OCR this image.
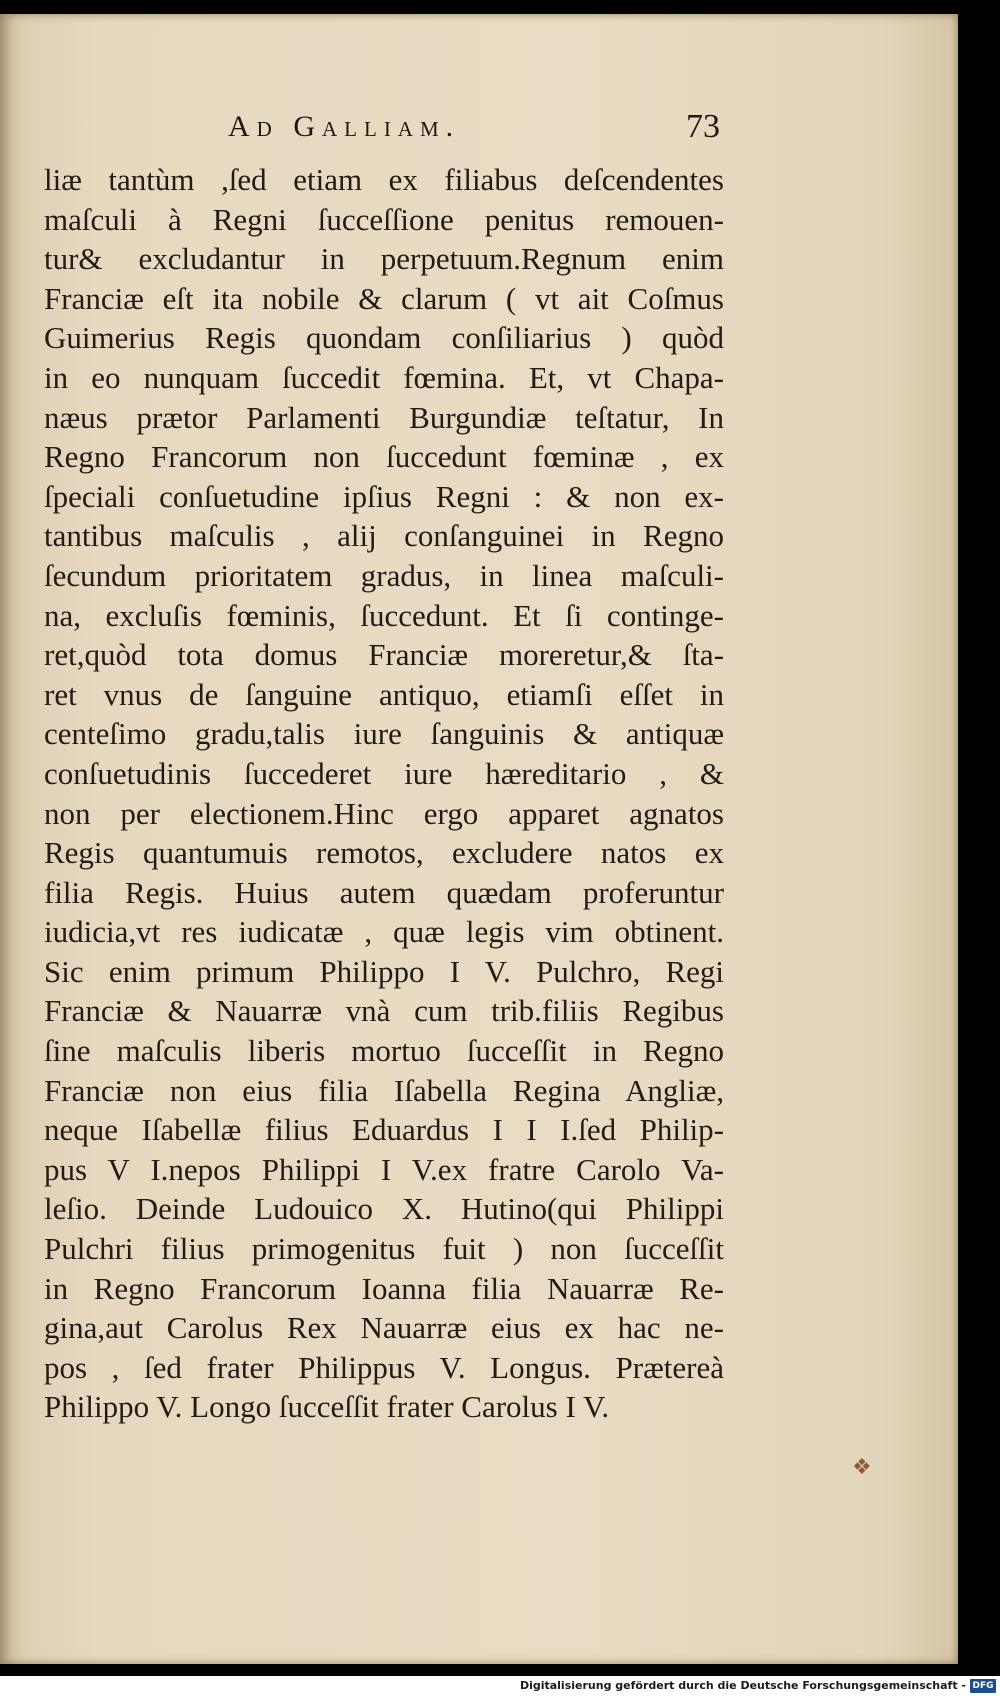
Ad Galliam.	73
liæ tantùm ,ſed etiam ex filiabus deſcendentes
maſculi à Regni ſucceſſione penitus remouen-
tur& excludantur in perpetuum.Regnum enim
Franciæ eſt ita nobile & clarum ( vt ait Coſmus
Guimerius Regis quondam conſiliarius ) quòd
in eo nunquam ſuccedit fœmina. Et, vt Chapa-
næus prætor Parlamenti Burgundiæ teſtatur, In
Regno Francorum non ſuccedunt fœminæ , ex
ſpeciali conſuetudine ipſius Regni : & non ex-
tantibus maſculis , alij conſanguinei in Regno
ſecundum prioritatem gradus, in linea maſculi-
na, excluſis fœminis, ſuccedunt. Et ſi continge-
ret,quòd tota domus Franciæ moreretur,& ſta-
ret vnus de ſanguine antiquo, etiamſi eſſet in
centeſimo gradu,talis iure ſanguinis & antiquæ
conſuetudinis ſuccederet iure hæreditario , &
non per electionem.Hinc ergo apparet agnatos
Regis quantumuis remotos, excludere natos ex
filia Regis. Huius autem quædam proferuntur
iudicia,vt res iudicatæ , quæ legis vim obtinent.
Sic enim primum Philippo I V. Pulchro, Regi
Franciæ & Nauarræ vnà cum trib.filiis Regibus
ſine maſculis liberis mortuo ſucceſſit in Regno
Franciæ non eius filia Iſabella Regina Angliæ,
neque Iſabellæ filius Eduardus I I I.ſed Philip-
pus V I.nepos Philippi I V.ex fratre Carolo Va-
leſio. Deinde Ludouico X. Hutino(qui Philippi
Pulchri filius primogenitus fuit ) non ſucceſſit
in Regno Francorum Ioanna filia Nauarræ Re-
gina,aut Carolus Rex Nauarræ eius ex hac ne-
pos , ſed frater Philippus V. Longus. Prætereà
Philippo V. Longo ſucceſſit frater Carolus I V.
❖
Digitalisierung gefördert durch die Deutsche Forschungsgemeinschaft - DFG
